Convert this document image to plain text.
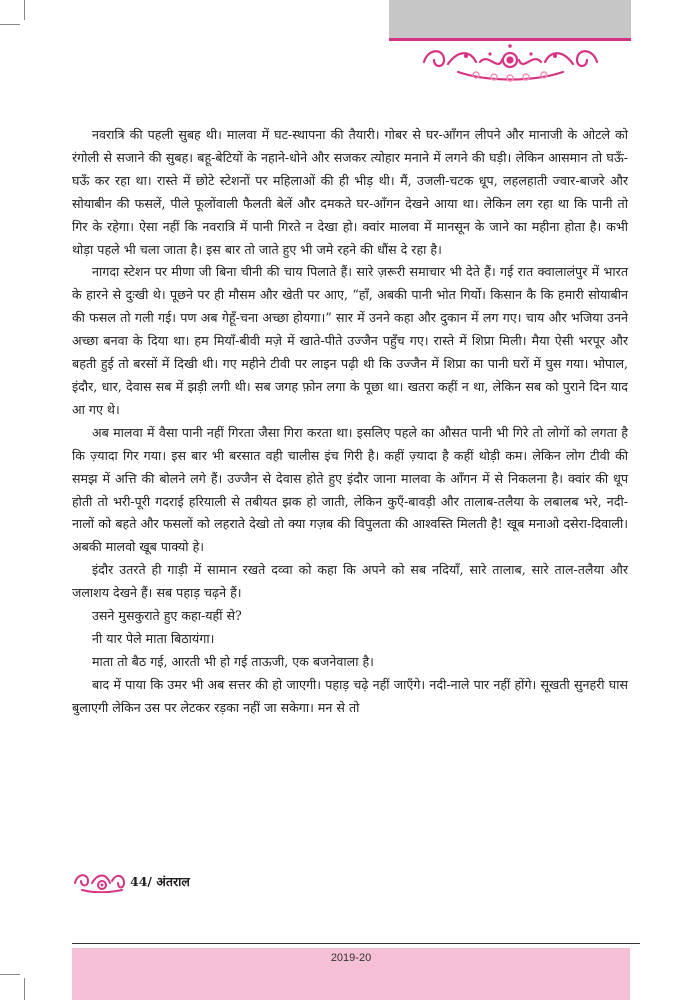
नवरात्रि की पहली सुबह थी। मालवा में घट-स्थापना की तैयारी। गोबर से घर-आँगन लीपने और मानाजी के ओटले को रंगोली से सजाने की सुबह। बहू-बेटियों के नहाने-धोने और सजकर त्योहार मनाने में लगने की घड़ी। लेकिन आसमान तो घऊँ-घऊँ कर रहा था। रास्ते में छोटे स्टेशनों पर महिलाओं की ही भीड़ थी। मैं, उजली-चटक धूप, लहलहाती ज्वार-बाजरे और सोयाबीन की फसलें, पीले फूलोंवाली फैलती बेलें और दमकते घर-आँगन देखने आया था। लेकिन लग रहा था कि पानी तो गिर के रहेगा। ऐसा नहीं कि नवरात्रि में पानी गिरते न देखा हो। क्वांर मालवा में मानसून के जाने का महीना होता है। कभी थोड़ा पहले भी चला जाता है। इस बार तो जाते हुए भी जमे रहने की धौंस दे रहा है।

नागदा स्टेशन पर मीणा जी बिना चीनी की चाय पिलाते हैं। सारे ज़रूरी समाचार भी देते हैं। गई रात क्वालालंपुर में भारत के हारने से दुःखी थे। पूछने पर ही मौसम और खेती पर आए, “हाँ, अबकी पानी भोत गिर्यो। किसान कै कि हमारी सोयाबीन की फसल तो गली गई। पण अब गेहूँ-चना अच्छा होयगा।” सार में उनने कहा और दुकान में लग गए। चाय और भजिया उनने अच्छा बनवा के दिया था। हम मियाँ-बीवी मज़े में खाते-पीते उज्जैन पहुँच गए। रास्ते में शिप्रा मिली। मैया ऐसी भरपूर और बहती हुई तो बरसों में दिखी थी। गए महीने टीवी पर लाइन पढ़ी थी कि उज्जैन में शिप्रा का पानी घरों में घुस गया। भोपाल, इंदौर, धार, देवास सब में झड़ी लगी थी। सब जगह फ़ोन लगा के पूछा था। खतरा कहीं न था, लेकिन सब को पुराने दिन याद आ गए थे।

अब मालवा में वैसा पानी नहीं गिरता जैसा गिरा करता था। इसलिए पहले का औसत पानी भी गिरे तो लोगों को लगता है कि ज़्यादा गिर गया। इस बार भी बरसात वही चालीस इंच गिरी है। कहीं ज़्यादा है कहीं थोड़ी कम। लेकिन लोग टीवी की समझ में अत्ति की बोलने लगे हैं। उज्जैन से देवास होते हुए इंदौर जाना मालवा के आँगन में से निकलना है। क्वांर की धूप होती तो भरी-पूरी गदराई हरियाली से तबीयत झक हो जाती, लेकिन कुएँ-बावड़ी और तालाब-तलैया के लबालब भरे, नदी-नालों को बहते और फसलों को लहराते देखो तो क्या गज़ब की विपुलता की आश्वस्ति मिलती है! खूब मनाओ दसेरा-दिवाली। अबकी मालवो खूब पाक्यो हे।

इंदौर उतरते ही गाड़ी में सामान रखते दव्वा को कहा कि अपने को सब नदियाँ, सारे तालाब, सारे ताल-तलैया और जलाशय देखने हैं। सब पहाड़ चढ़ने हैं।

उसने मुसकुराते हुए कहा-यहीं से?

नी यार पेले माता बिठायंगा।

माता तो बैठ गई, आरती भी हो गई ताऊजी, एक बजनेवाला है।

बाद में पाया कि उमर भी अब सत्तर की हो जाएगी। पहाड़ चढ़े नहीं जाएँगे। नदी-नाले पार नहीं होंगे। सूखती सुनहरी घास बुलाएगी लेकिन उस पर लेटकर रड़का नहीं जा सकेगा। मन से तो

44/ अंतराल
2019-20
